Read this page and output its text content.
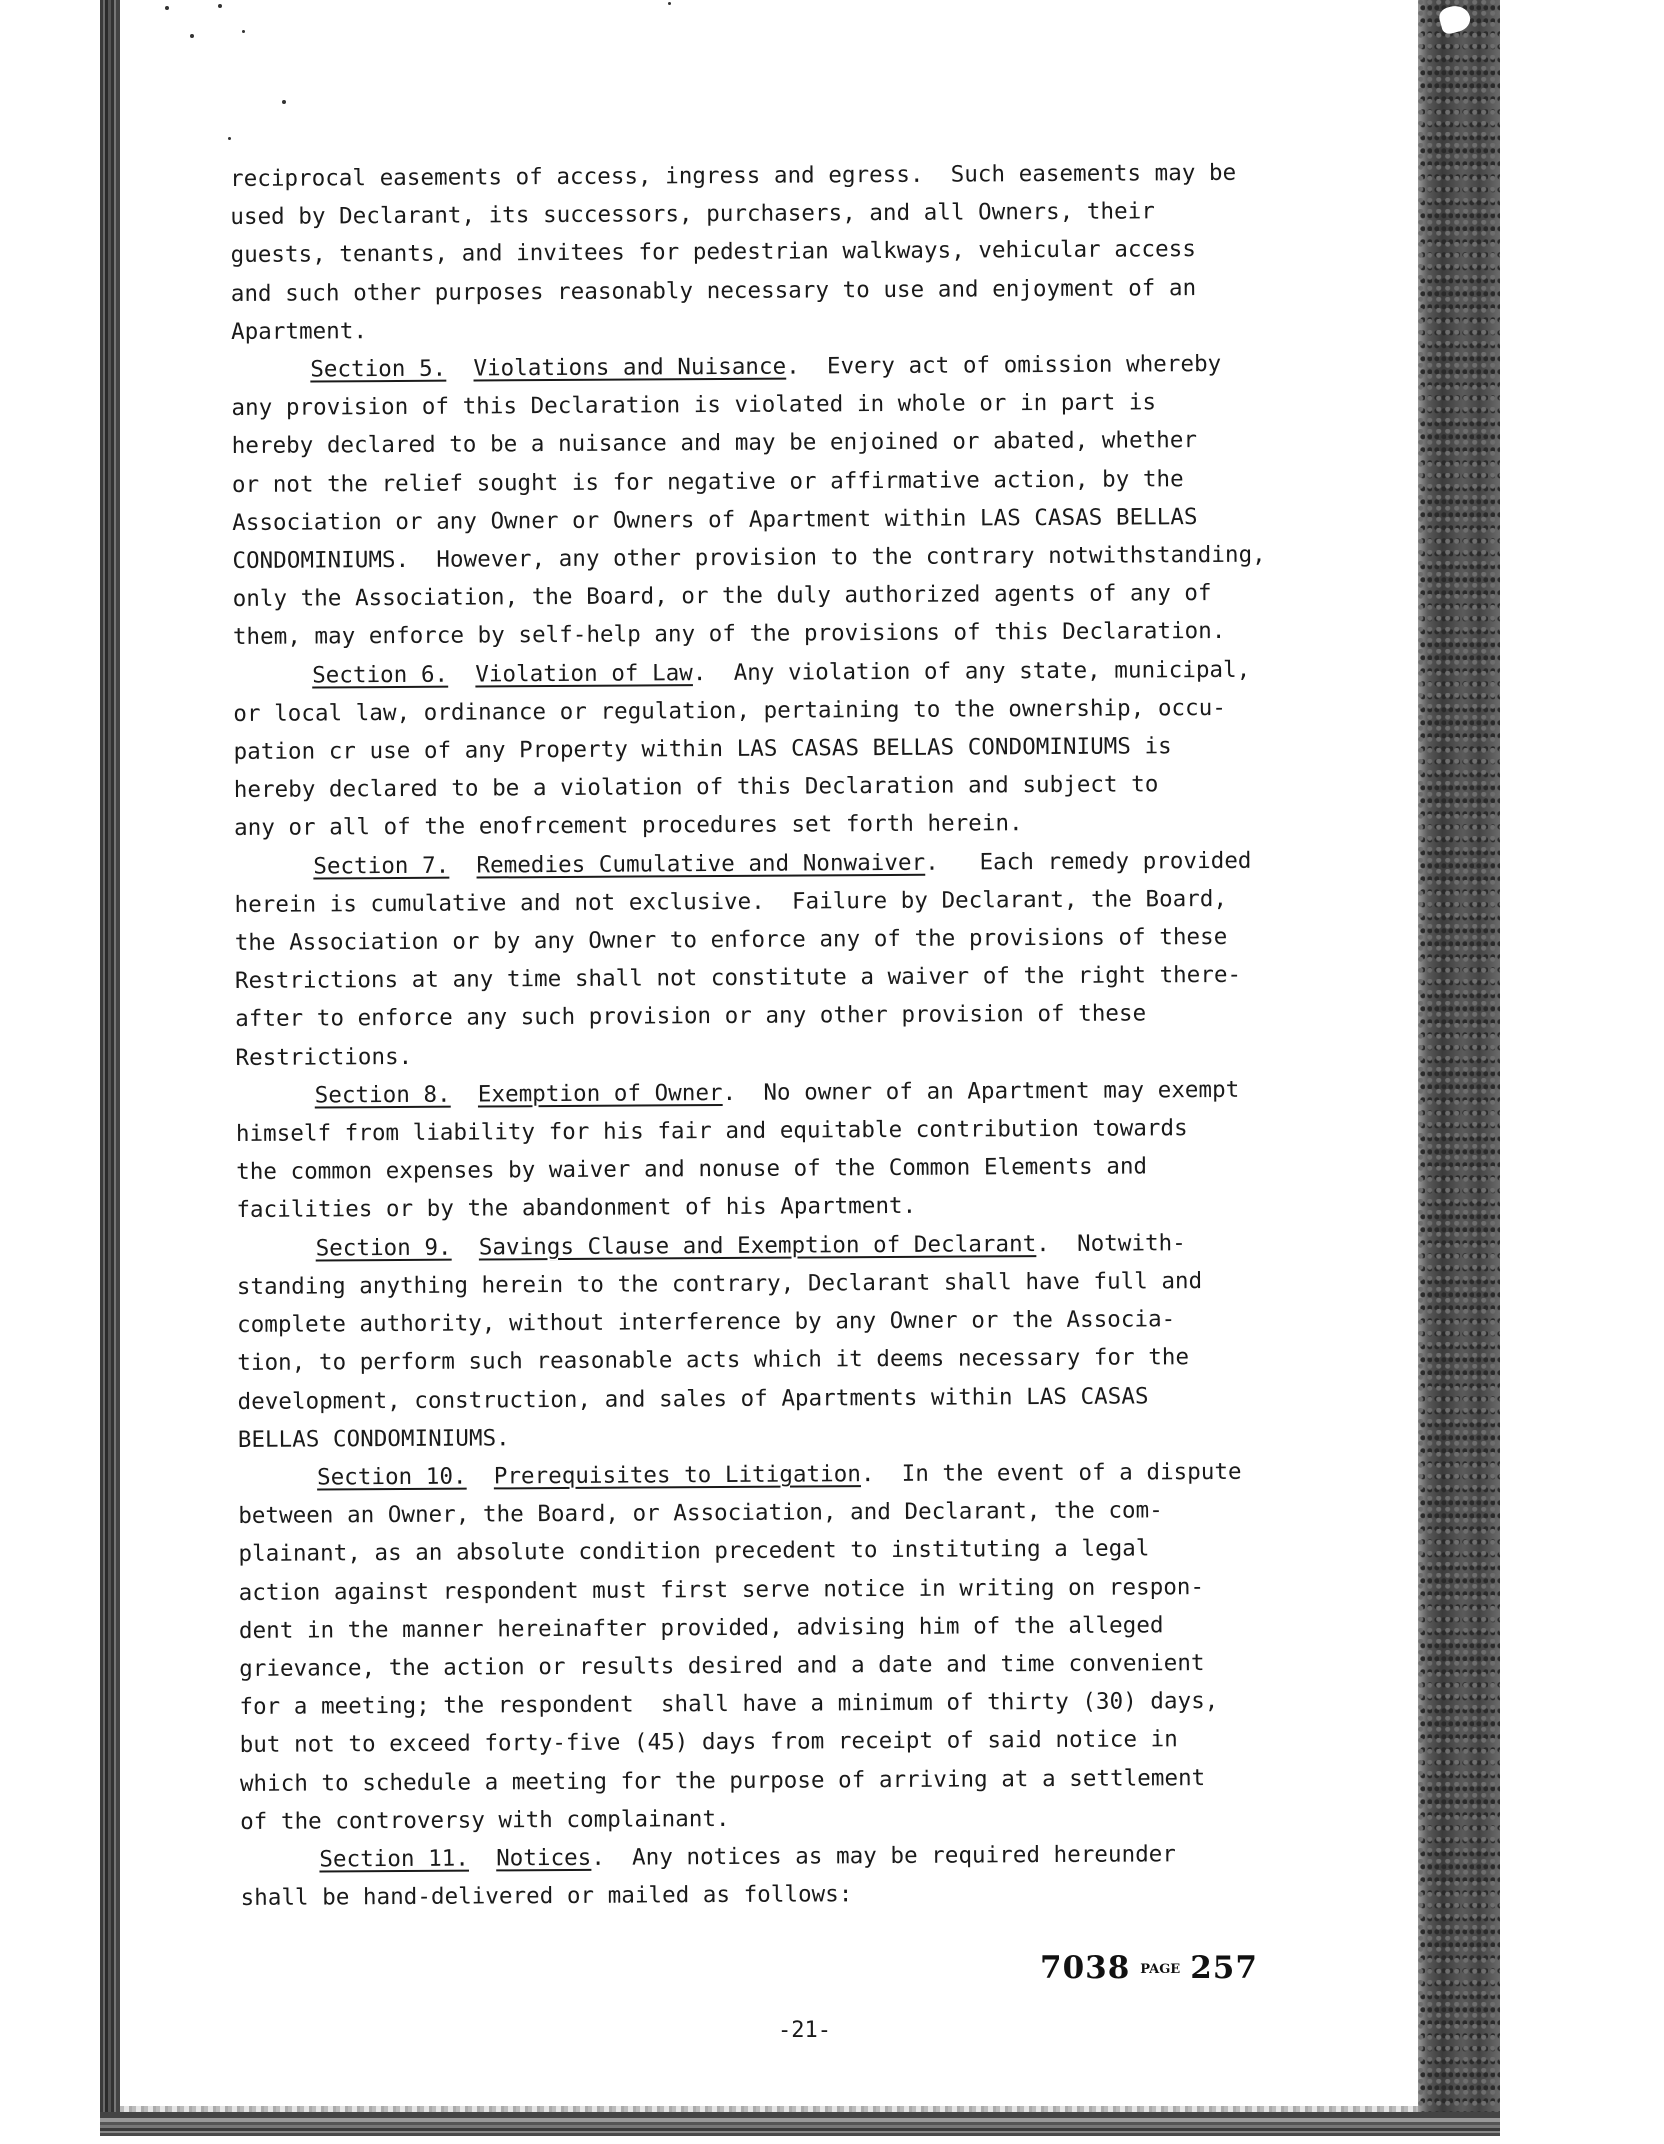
reciprocal easements of access, ingress and egress.  Such easements may be
used by Declarant, its successors, purchasers, and all Owners, their
guests, tenants, and invitees for pedestrian walkways, vehicular access
and such other purposes reasonably necessary to use and enjoyment of an
Apartment.

Section 5. Violations and Nuisance.  Every act of omission whereby
any provision of this Declaration is violated in whole or in part is
hereby declared to be a nuisance and may be enjoined or abated, whether
or not the relief sought is for negative or affirmative action, by the
Association or any Owner or Owners of Apartment within LAS CASAS BELLAS
CONDOMINIUMS.  However, any other provision to the contrary notwithstanding,
only the Association, the Board, or the duly authorized agents of any of
them, may enforce by self-help any of the provisions of this Declaration.

Section 6. Violation of Law.  Any violation of any state, municipal,
or local law, ordinance or regulation, pertaining to the ownership, occu-
pation cr use of any Property within LAS CASAS BELLAS CONDOMINIUMS is
hereby declared to be a violation of this Declaration and subject to
any or all of the enofrcement procedures set forth herein.

Section 7. Remedies Cumulative and Nonwaiver.   Each remedy provided
herein is cumulative and not exclusive.  Failure by Declarant, the Board,
the Association or by any Owner to enforce any of the provisions of these
Restrictions at any time shall not constitute a waiver of the right there-
after to enforce any such provision or any other provision of these
Restrictions.

Section 8. Exemption of Owner.  No owner of an Apartment may exempt
himself from liability for his fair and equitable contribution towards
the common expenses by waiver and nonuse of the Common Elements and
facilities or by the abandonment of his Apartment.

Section 9. Savings Clause and Exemption of Declarant.  Notwith-
standing anything herein to the contrary, Declarant shall have full and
complete authority, without interference by any Owner or the Associa-
tion, to perform such reasonable acts which it deems necessary for the
development, construction, and sales of Apartments within LAS CASAS
BELLAS CONDOMINIUMS.

Section 10. Prerequisites to Litigation.  In the event of a dispute
between an Owner, the Board, or Association, and Declarant, the com-
plainant, as an absolute condition precedent to instituting a legal
action against respondent must first serve notice in writing on respon-
dent in the manner hereinafter provided, advising him of the alleged
grievance, the action or results desired and a date and time convenient
for a meeting; the respondent  shall have a minimum of thirty (30) days,
but not to exceed forty-five (45) days from receipt of said notice in
which to schedule a meeting for the purpose of arriving at a settlement
of the controversy with complainant.

Section 11. Notices.  Any notices as may be required hereunder
shall be hand-delivered or mailed as follows:

7038 PAGE 257
-21-
